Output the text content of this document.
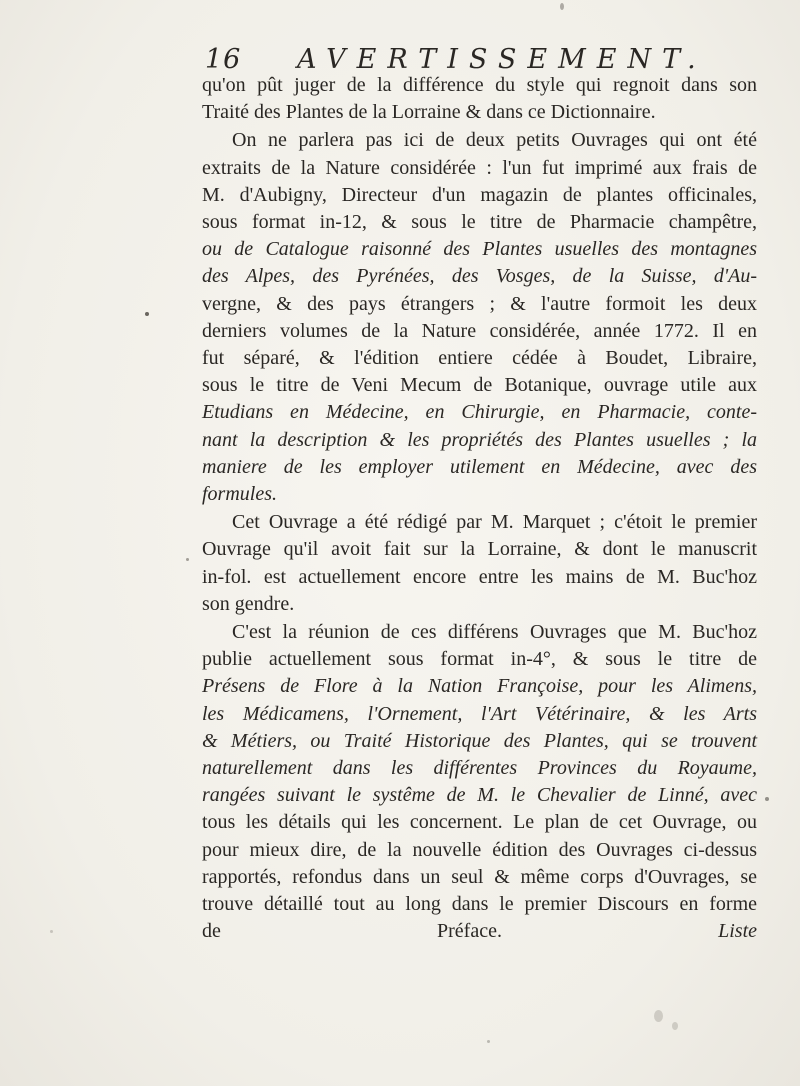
16 AVERTISSEMENT.

qu'on pût juger de la différence du style qui regnoit dans son
Traité des Plantes de la Lorraine & dans ce Dictionnaire.

On ne parlera pas ici de deux petits Ouvrages qui ont été
extraits de la Nature considérée : l'un fut imprimé aux frais de
M. d'Aubigny, Directeur d'un magazin de plantes officinales,
sous format in-12, & sous le titre de Pharmacie champêtre,
ou de Catalogue raisonné des Plantes usuelles des montagnes
des Alpes, des Pyrénées, des Vosges, de la Suisse, d'Au-
vergne, & des pays étrangers ; & l'autre formoit les deux
derniers volumes de la Nature considérée, année 1772. Il en
fut séparé, & l'édition entiere cédée à Boudet, Libraire,
sous le titre de Veni Mecum de Botanique, ouvrage utile aux
Etudians en Médecine, en Chirurgie, en Pharmacie, conte-
nant la description & les propriétés des Plantes usuelles ; la
maniere de les employer utilement en Médecine, avec des
formules.

Cet Ouvrage a été rédigé par M. Marquet ; c'étoit le premier
Ouvrage qu'il avoit fait sur la Lorraine, & dont le manuscrit
in-fol. est actuellement encore entre les mains de M. Buc'hoz
son gendre.

C'est la réunion de ces différens Ouvrages que M. Buc'hoz
publie actuellement sous format in-4°, & sous le titre de
Présens de Flore à la Nation Françoise, pour les Alimens,
les Médicamens, l'Ornement, l'Art Vétérinaire, & les Arts
& Métiers, ou Traité Historique des Plantes, qui se trouvent
naturellement dans les différentes Provinces du Royaume,
rangées suivant le systême de M. le Chevalier de Linné, avec
tous les détails qui les concernent. Le plan de cet Ouvrage, ou
pour mieux dire, de la nouvelle édition des Ouvrages ci-dessus
rapportés, refondus dans un seul & même corps d'Ouvrages, se
trouve détaillé tout au long dans le premier Discours en forme
de Préface.	Liste
